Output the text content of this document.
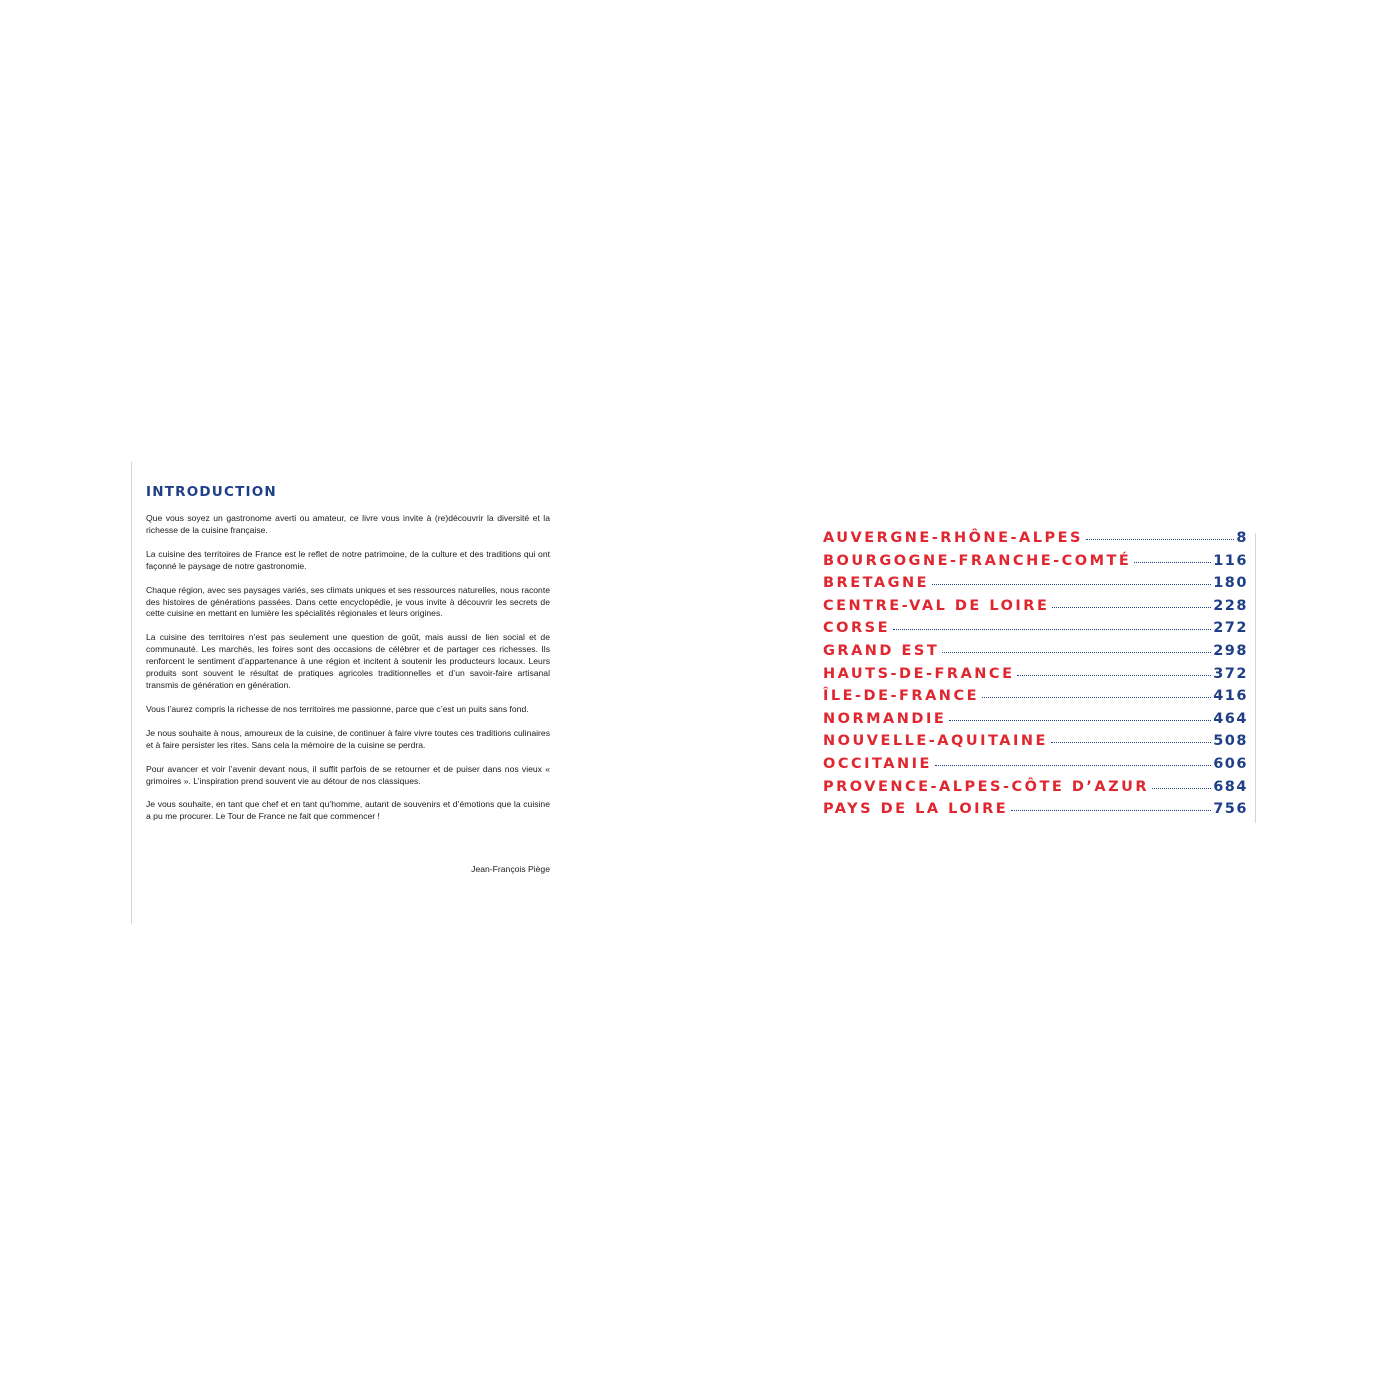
INTRODUCTION

Que vous soyez un gastronome averti ou amateur, ce livre vous invite à (re)découvrir la diversité et la richesse de la cuisine française.

La cuisine des territoires de France est le reflet de notre patrimoine, de la culture et des traditions qui ont façonné le paysage de notre gastronomie.

Chaque région, avec ses paysages variés, ses climats uniques et ses ressources naturelles, nous raconte des histoires de générations passées. Dans cette encyclopédie, je vous invite à découvrir les secrets de cette cuisine en mettant en lumière les spécialités régionales et leurs origines.

La cuisine des territoires n’est pas seulement une question de goût, mais aussi de lien social et de communauté. Les marchés, les foires sont des occasions de célébrer et de partager ces richesses. Ils renforcent le sentiment d’appartenance à une région et incitent à soutenir les producteurs locaux. Leurs produits sont souvent le résultat de pratiques agricoles traditionnelles et d’un savoir-faire artisanal transmis de génération en génération.

Vous l’aurez compris la richesse de nos territoires me passionne, parce que c’est un puits sans fond.

Je nous souhaite à nous, amoureux de la cuisine, de continuer à faire vivre toutes ces traditions culinaires et à faire persister les rites. Sans cela la mémoire de la cuisine se perdra.

Pour avancer et voir l’avenir devant nous, il suffit parfois de se retourner et de puiser dans nos vieux « grimoires ». L’inspiration prend souvent vie au détour de nos classiques.

Je vous souhaite, en tant que chef et en tant qu’homme, autant de souvenirs et d’émotions que la cuisine a pu me procurer. Le Tour de France ne fait que commencer !

Jean-François Piège
AUVERGNE-RHÔNE-ALPES	8
BOURGOGNE-FRANCHE-COMTÉ	116
BRETAGNE	180
CENTRE-VAL DE LOIRE	228
CORSE	272
GRAND EST	298
HAUTS-DE-FRANCE	372
ÎLE-DE-FRANCE	416
NORMANDIE	464
NOUVELLE-AQUITAINE	508
OCCITANIE	606
PROVENCE-ALPES-CÔTE D’AZUR	684
PAYS DE LA LOIRE	756
